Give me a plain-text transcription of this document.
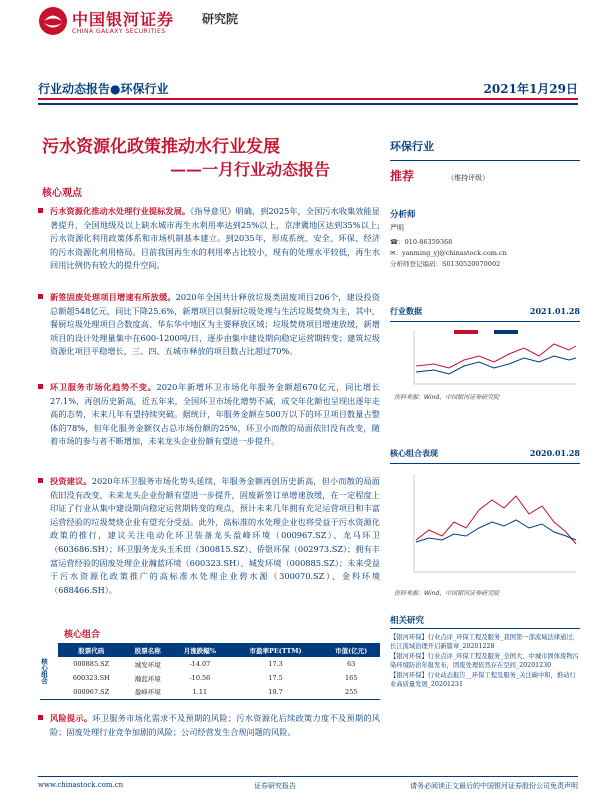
中国银河证券
CHINA GALAXY SECURITIES
研究院
行业动态报告●环保行业	2021年1月29日
污水资源化政策推动水行业发展
——一月行业动态报告
核心观点
污水资源化推动水处理行业提标发展。《指导意见》明确，到2025年，全国污水收集效能显著提升，全国地级及以上缺水城市再生水利用率达到25%以上，京津冀地区达到35%以上;污水资源化利用政策体系和市场机制基本建立。到2035年，形成系统、安全、环保、经济的污水资源化利用格局。目前我国再生水的利用率占比较小，现有的处理水平较低，再生水回用比例仍有较大的提升空间。
新签固废处理项目增速有所放缓。2020年全国共计释放垃圾类固废项目206个，建设投资总额超548亿元，同比下降25.6%，新增项目以餐厨垃圾处理与生活垃圾焚烧为主，其中，餐厨垃圾处理项目合数度高、华东华中地区为主要释放区域；垃圾焚烧项目增速放缓，新增项目的设计处理量集中在600-1200吨/日，逐步由集中建设期向稳定运营期转变；建筑垃圾资源化项目平稳增长，三、四、五城市释放的项目数占比超过70%。
环卫服务市场化趋势不变。2020年新增环卫市场化年服务金额超670亿元，同比增长27.1%，再创历史新高，近五年来，全国环卫市场化增势不减，成交年化额也呈现出逐年走高的态势，未来几年有望持续突破。据统计，年服务金额在500万以下的环卫项目数量占整体的78%，但年化服务金额仅占总市场份额的25%，环卫小而散的局面依旧没有改变，随着市场的参与者不断增加，未来龙头企业份额有望进一步提升。
投资建议。2020年环卫服务市场化势头延续，年服务金额再创历史新高，但小而散的局面依旧没有改变，未来龙头企业份额有望进一步提升，固废新签订单增速放缓，在一定程度上印证了行业从集中建设期向稳定运营期转变的观点，预计未来几年拥有充足运营项目和丰富运营经验的垃圾焚烧企业有望充分受益。此外，高标准的水处理企业也将受益于污水资源化政策的推行，建议关注电动化环卫装备龙头盈峰环境（000967.SZ）、龙马环卫（603686.SH）；环卫服务龙头玉禾田（300815.SZ）、侨银环保（002973.SZ）；拥有丰富运营经验的固废处理企业瀚蓝环境（600323.SH）、城发环境（000885.SZ）；未来受益于污水资源化政策推广的高标准水处理企业碧水源（300070.SZ）、金科环境（688466.SH）。
核心组合
核心组合	股票代码	股票名称	月涨跌幅%	市盈率PE(TTM)	市值(亿元)
	000885.SZ	城发环境	-14.07	17.3	63
	600323.SH	瀚蓝环境	-10.56	17.5	165
	000967.SZ	盈峰环境	1.11	19.7	255
风险提示。环卫服务市场化需求不及预期的风险；污水资源化后续政策力度不及预期的风险；固废处理行业竞争加剧的风险；公司经营发生合规问题的风险。
环保行业
推荐	（维持评级）
分析师
严明
☎：010-86359368
✉：yanming_yj@chinastock.com.cn
分析师登记编码：S0130520070002
行业数据	2021.01.28
资料来源：Wind，中国银河证券研究院
核心组合表现	2020.01.28
资料来源：Wind，中国银河证券研究院
相关研究
【银河环保】行业点评_环保工程及服务_我国第一部流域法律通过，长江流域治理开启新篇章_20201228
【银河环保】行业点评_环保工程及服务_全国大、中城市固体废物污染环境防治年报发布，固废处理依然存在空间_20201230
【银河环保】行业动态报告__环保工程及服务_关注碳中和，推动行业高质量发展_20201231
www.chinastock.com.cn	证券研究报告	请务必阅读正文最后的中国银河证券股份公司免责声明
